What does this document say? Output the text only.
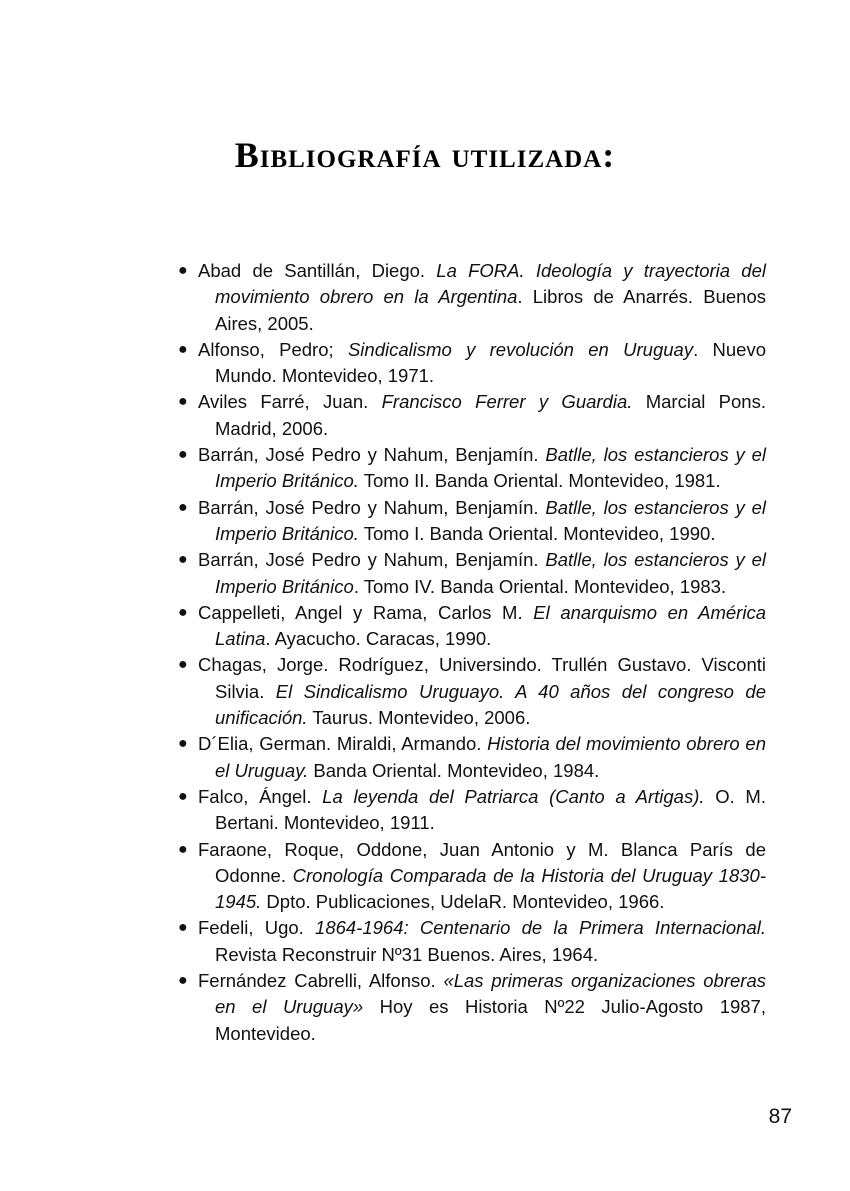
Bibliografía utilizada:
● Abad de Santillán, Diego. La FORA. Ideología y trayectoria del movimiento obrero en la Argentina. Libros de Anarrés. Buenos Aires, 2005.
● Alfonso, Pedro; Sindicalismo y revolución en Uruguay. Nuevo Mundo. Montevideo, 1971.
● Aviles Farré, Juan. Francisco Ferrer y Guardia. Marcial Pons. Madrid, 2006.
● Barrán, José Pedro y Nahum, Benjamín. Batlle, los estancieros y el Imperio Británico. Tomo II. Banda Oriental. Montevideo, 1981.
● Barrán, José Pedro y Nahum, Benjamín. Batlle, los estancieros y el Imperio Británico. Tomo I. Banda Oriental. Montevideo, 1990.
● Barrán, José Pedro y Nahum, Benjamín. Batlle, los estancieros y el Imperio Británico. Tomo IV. Banda Oriental. Montevideo, 1983.
● Cappelleti, Angel y Rama, Carlos M. El anarquismo en América Latina. Ayacucho. Caracas, 1990.
● Chagas, Jorge. Rodríguez, Universindo. Trullén Gustavo. Visconti Silvia. El Sindicalismo Uruguayo. A 40 años del congreso de unificación. Taurus. Montevideo, 2006.
● D´Elia, German. Miraldi, Armando. Historia del movimiento obrero en el Uruguay. Banda Oriental. Montevideo, 1984.
● Falco, Ángel. La leyenda del Patriarca (Canto a Artigas). O. M. Bertani. Montevideo, 1911.
● Faraone, Roque, Oddone, Juan Antonio y M. Blanca París de Odonne. Cronología Comparada de la Historia del Uruguay 1830-1945. Dpto. Publicaciones, UdelaR. Montevideo, 1966.
● Fedeli, Ugo. 1864-1964: Centenario de la Primera Internacional. Revista Reconstruir Nº31 Buenos. Aires, 1964.
● Fernández Cabrelli, Alfonso. «Las primeras organizaciones obreras en el Uruguay» Hoy es Historia Nº22 Julio-Agosto 1987, Montevideo.
87
